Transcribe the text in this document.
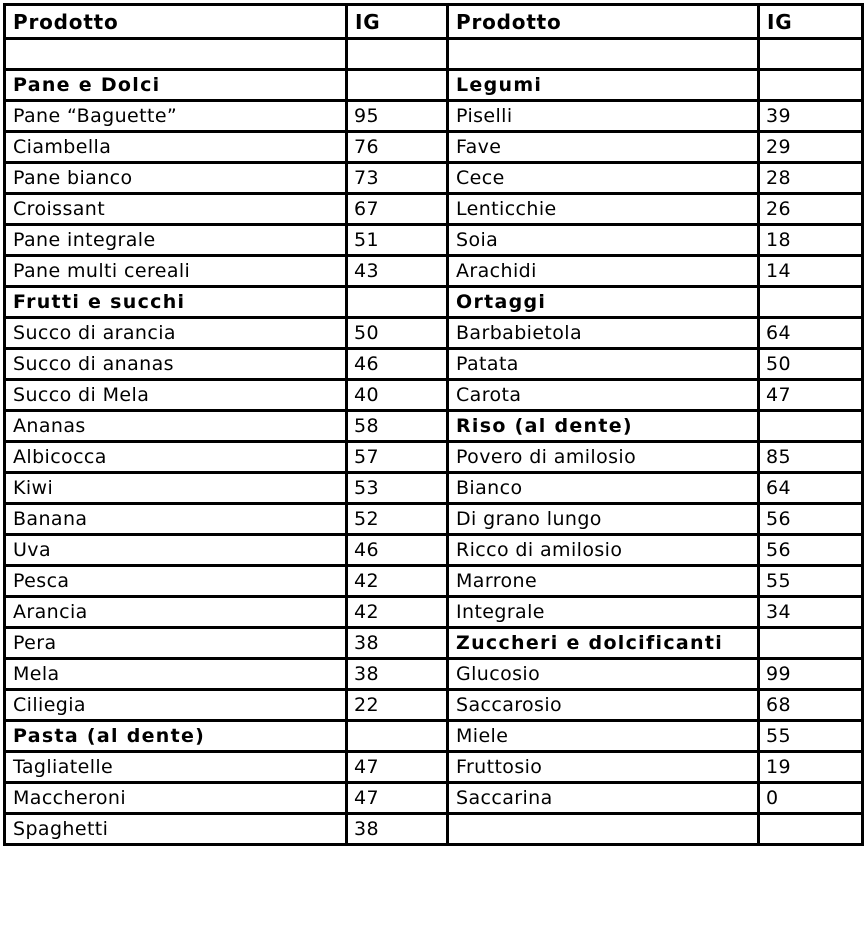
Prodotto	IG	Prodotto	IG

Pane e Dolci		Legumi	
Pane “Baguette”	95	Piselli	39
Ciambella	76	Fave	29
Pane bianco	73	Cece	28
Croissant	67	Lenticchie	26
Pane integrale	51	Soia	18
Pane multi cereali	43	Arachidi	14
Frutti e succhi		Ortaggi	
Succo di arancia	50	Barbabietola	64
Succo di ananas	46	Patata	50
Succo di Mela	40	Carota	47
Ananas	58	Riso (al dente)	
Albicocca	57	Povero di amilosio	85
Kiwi	53	Bianco	64
Banana	52	Di grano lungo	56
Uva	46	Ricco di amilosio	56
Pesca	42	Marrone	55
Arancia	42	Integrale	34
Pera	38	Zuccheri e dolcificanti	
Mela	38	Glucosio	99
Ciliegia	22	Saccarosio	68
Pasta (al dente)		Miele	55
Tagliatelle	47	Fruttosio	19
Maccheroni	47	Saccarina	0
Spaghetti	38		
